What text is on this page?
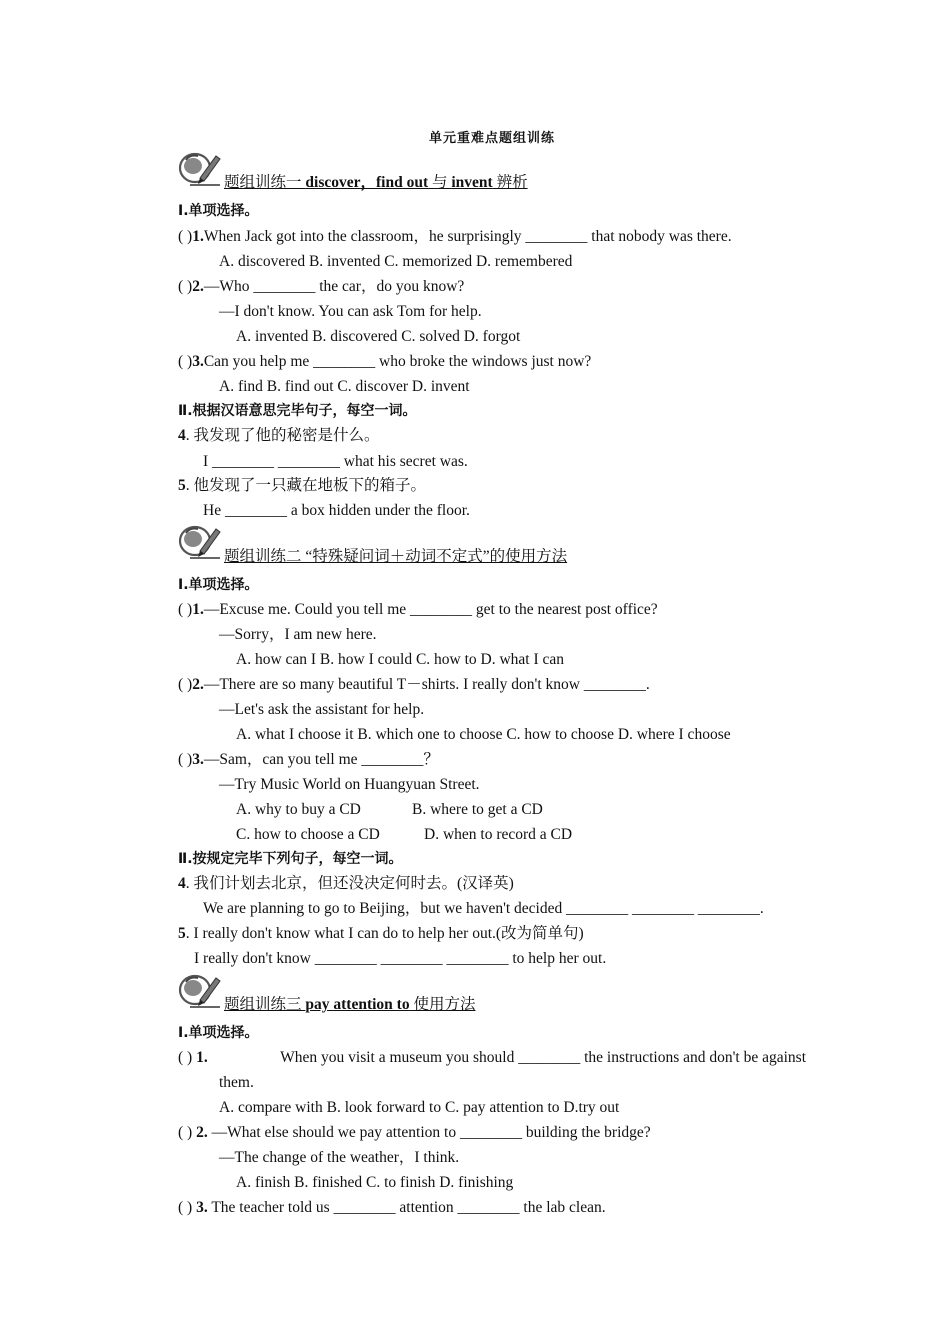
单元重难点题组训练
题组训练一 discover，find out 与 invent 辨析
Ⅰ.单项选择。
( )1.When Jack got into the classroom，he surprisingly ________ that nobody was there.
A. discovered B. invented C. memorized D. remembered
( )2.—Who ________ the car，do you know?
—I don't know. You can ask Tom for help.
A. invented B. discovered C. solved D. forgot
( )3.Can you help me ________ who broke the windows just now?
A. find B. find out C. discover D. invent
Ⅱ.根据汉语意思完毕句子，每空一词。
4. 我发现了他的秘密是什么。
I ________ ________ what his secret was.
5. 他发现了一只藏在地板下的箱子。
He ________ a box hidden under the floor.
题组训练二 “特殊疑问词＋动词不定式”的使用方法
Ⅰ.单项选择。
( )1.—Excuse me. Could you tell me ________ get to the nearest post office?
—Sorry，I am new here.
A. how can I B. how I could C. how to D. what I can
( )2.—There are so many beautiful T－shirts. I really don't know ________.
—Let's ask the assistant for help.
A. what I choose it B. which one to choose C. how to choose D. where I choose
( )3.—Sam，can you tell me ________？
—Try Music World on Huangyuan Street.
A. why to buy a CD	B. where to get a CD
C. how to choose a CD	D. when to record a CD
Ⅱ.按规定完毕下列句子，每空一词。
4. 我们计划去北京，但还没决定何时去。(汉译英)
We are planning to go to Beijing，but we haven't decided ________ ________ ________.
5. I really don't know what I can do to help her out.(改为简单句)
I really don't know ________ ________ ________ to help her out.
题组训练三 pay attention to 使用方法
Ⅰ.单项选择。
( ) 1.	When you visit a museum you should ________ the instructions and don't be against
them.
A. compare with B. look forward to C. pay attention to D.try out
( ) 2. —What else should we pay attention to ________ building the bridge?
—The change of the weather，I think.
A. finish B. finished C. to finish D. finishing
( ) 3. The teacher told us ________ attention ________ the lab clean.
